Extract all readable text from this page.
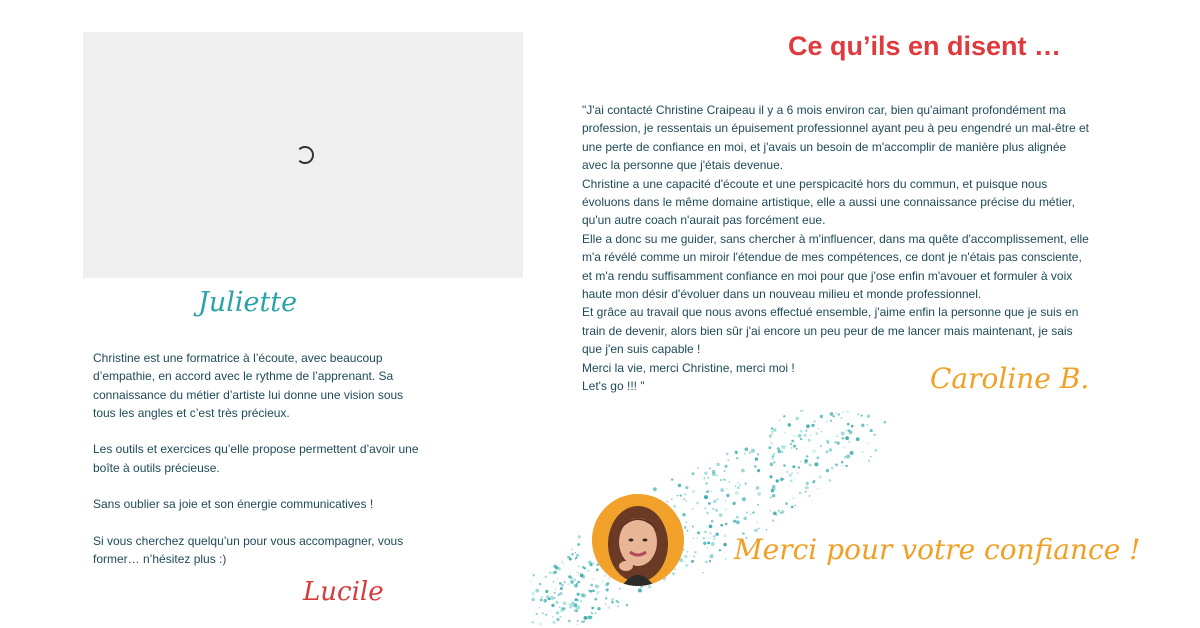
Juliette

Christine est une formatrice à l’écoute, avec beaucoup d’empathie, en accord avec le rythme de l’apprenant. Sa connaissance du métier d’artiste lui donne une vision sous tous les angles et c’est très précieux.

Les outils et exercices qu’elle propose permettent d’avoir une boîte à outils précieuse.

Sans oublier sa joie et son énergie communicatives !

Si vous cherchez quelqu’un pour vous accompagner, vous former… n’hésitez plus :)

Lucile
Ce qu’ils en disent …

"J'ai contacté Christine Craipeau il y a 6 mois environ car, bien qu'aimant profondément ma profession, je ressentais un épuisement professionnel ayant peu à peu engendré un mal-être et une perte de confiance en moi, et j'avais un besoin de m'accomplir de manière plus alignée avec la personne que j'étais devenue.

Christine a une capacité d'écoute et une perspicacité hors du commun, et puisque nous évoluons dans le même domaine artistique, elle a aussi une connaissance précise du métier, qu'un autre coach n'aurait pas forcément eue.

Elle a donc su me guider, sans chercher à m'influencer, dans ma quête d'accomplissement, elle m'a révélé comme un miroir l'étendue de mes compétences, ce dont je n'étais pas consciente, et m'a rendu suffisamment confiance en moi pour que j'ose enfin m'avouer et formuler à voix haute mon désir d'évoluer dans un nouveau milieu et monde professionnel.

Et grâce au travail que nous avons effectué ensemble, j'aime enfin la personne que je suis en train de devenir, alors bien sûr j'ai encore un peu peur de me lancer mais maintenant, je sais que j'en suis capable !

Merci la vie, merci Christine, merci moi !

Let's go !!! "	Caroline B.
Merci pour votre confiance !
